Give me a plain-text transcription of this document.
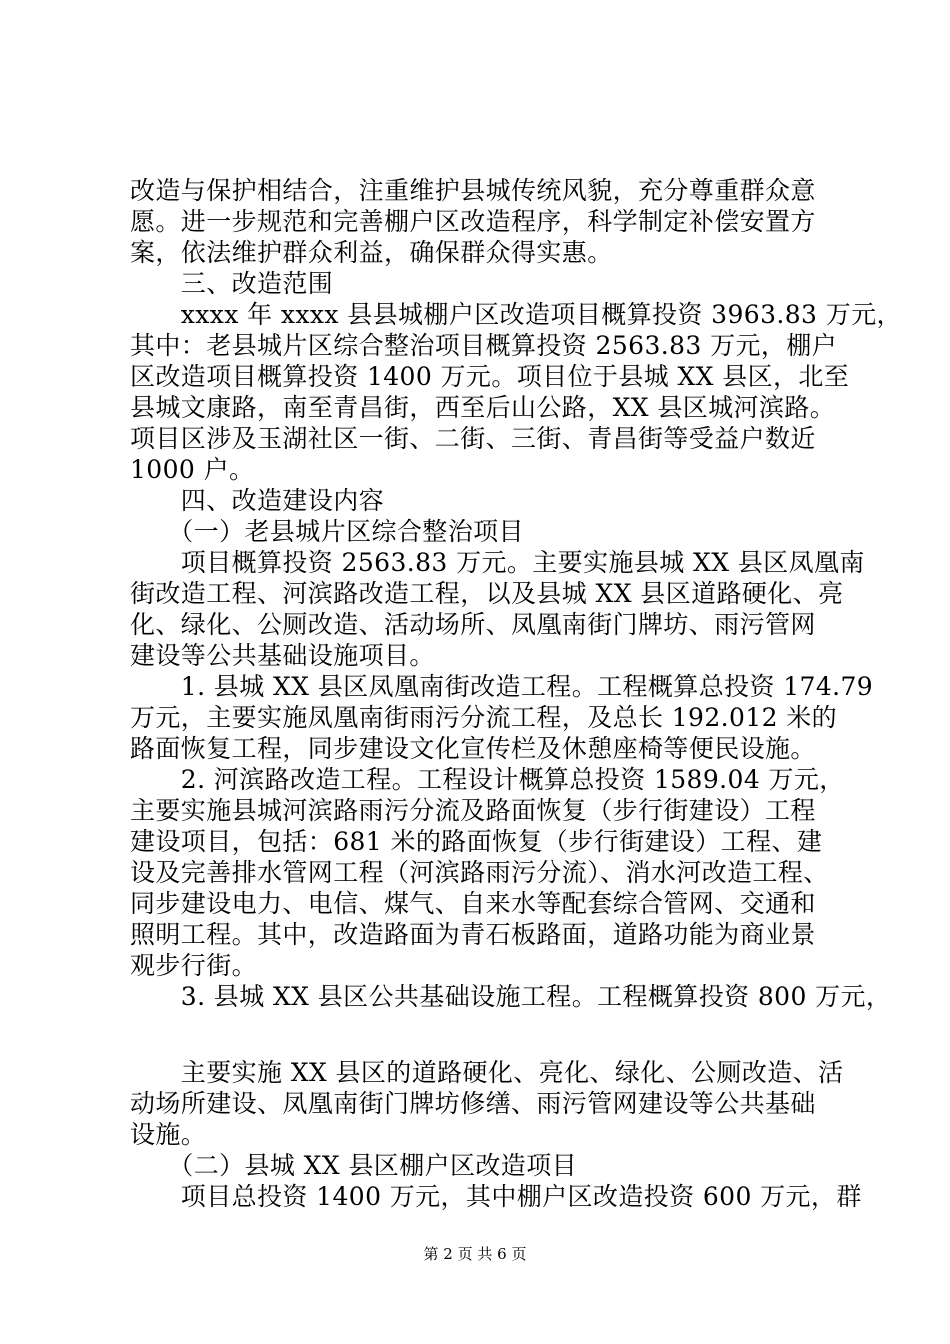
改造与保护相结合，注重维护县城传统风貌，充分尊重群众意
愿。进一步规范和完善棚户区改造程序，科学制定补偿安置方
案，依法维护群众利益，确保群众得实惠。
　　三、改造范围
　　xxxx 年 xxxx 县县城棚户区改造项目概算投资 3963.83 万元，
其中：老县城片区综合整治项目概算投资 2563.83 万元，棚户
区改造项目概算投资 1400 万元。项目位于县城 XX 县区，北至
县城文康路，南至青昌街，西至后山公路，XX 县区城河滨路。
项目区涉及玉湖社区一街、二街、三街、青昌街等受益户数近
1000 户。
　　四、改造建设内容
　　（一）老县城片区综合整治项目
　　项目概算投资 2563.83 万元。主要实施县城 XX 县区凤凰南
街改造工程、河滨路改造工程，以及县城 XX 县区道路硬化、亮
化、绿化、公厕改造、活动场所、凤凰南街门牌坊、雨污管网
建设等公共基础设施项目。
　　1. 县城 XX 县区凤凰南街改造工程。工程概算总投资 174.79
万元，主要实施凤凰南街雨污分流工程，及总长 192.012 米的
路面恢复工程，同步建设文化宣传栏及休憩座椅等便民设施。
　　2. 河滨路改造工程。工程设计概算总投资 1589.04 万元，
主要实施县城河滨路雨污分流及路面恢复（步行街建设）工程
建设项目，包括：681 米的路面恢复（步行街建设）工程、建
设及完善排水管网工程（河滨路雨污分流）、消水河改造工程、
同步建设电力、电信、煤气、自来水等配套综合管网、交通和
照明工程。其中，改造路面为青石板路面，道路功能为商业景
观步行街。
　　3. 县城 XX 县区公共基础设施工程。工程概算投资 800 万元，
　　主要实施 XX 县区的道路硬化、亮化、绿化、公厕改造、活
动场所建设、凤凰南街门牌坊修缮、雨污管网建设等公共基础
设施。
　　（二）县城 XX 县区棚户区改造项目
　　项目总投资 1400 万元，其中棚户区改造投资 600 万元，群
第 2 页 共 6 页
